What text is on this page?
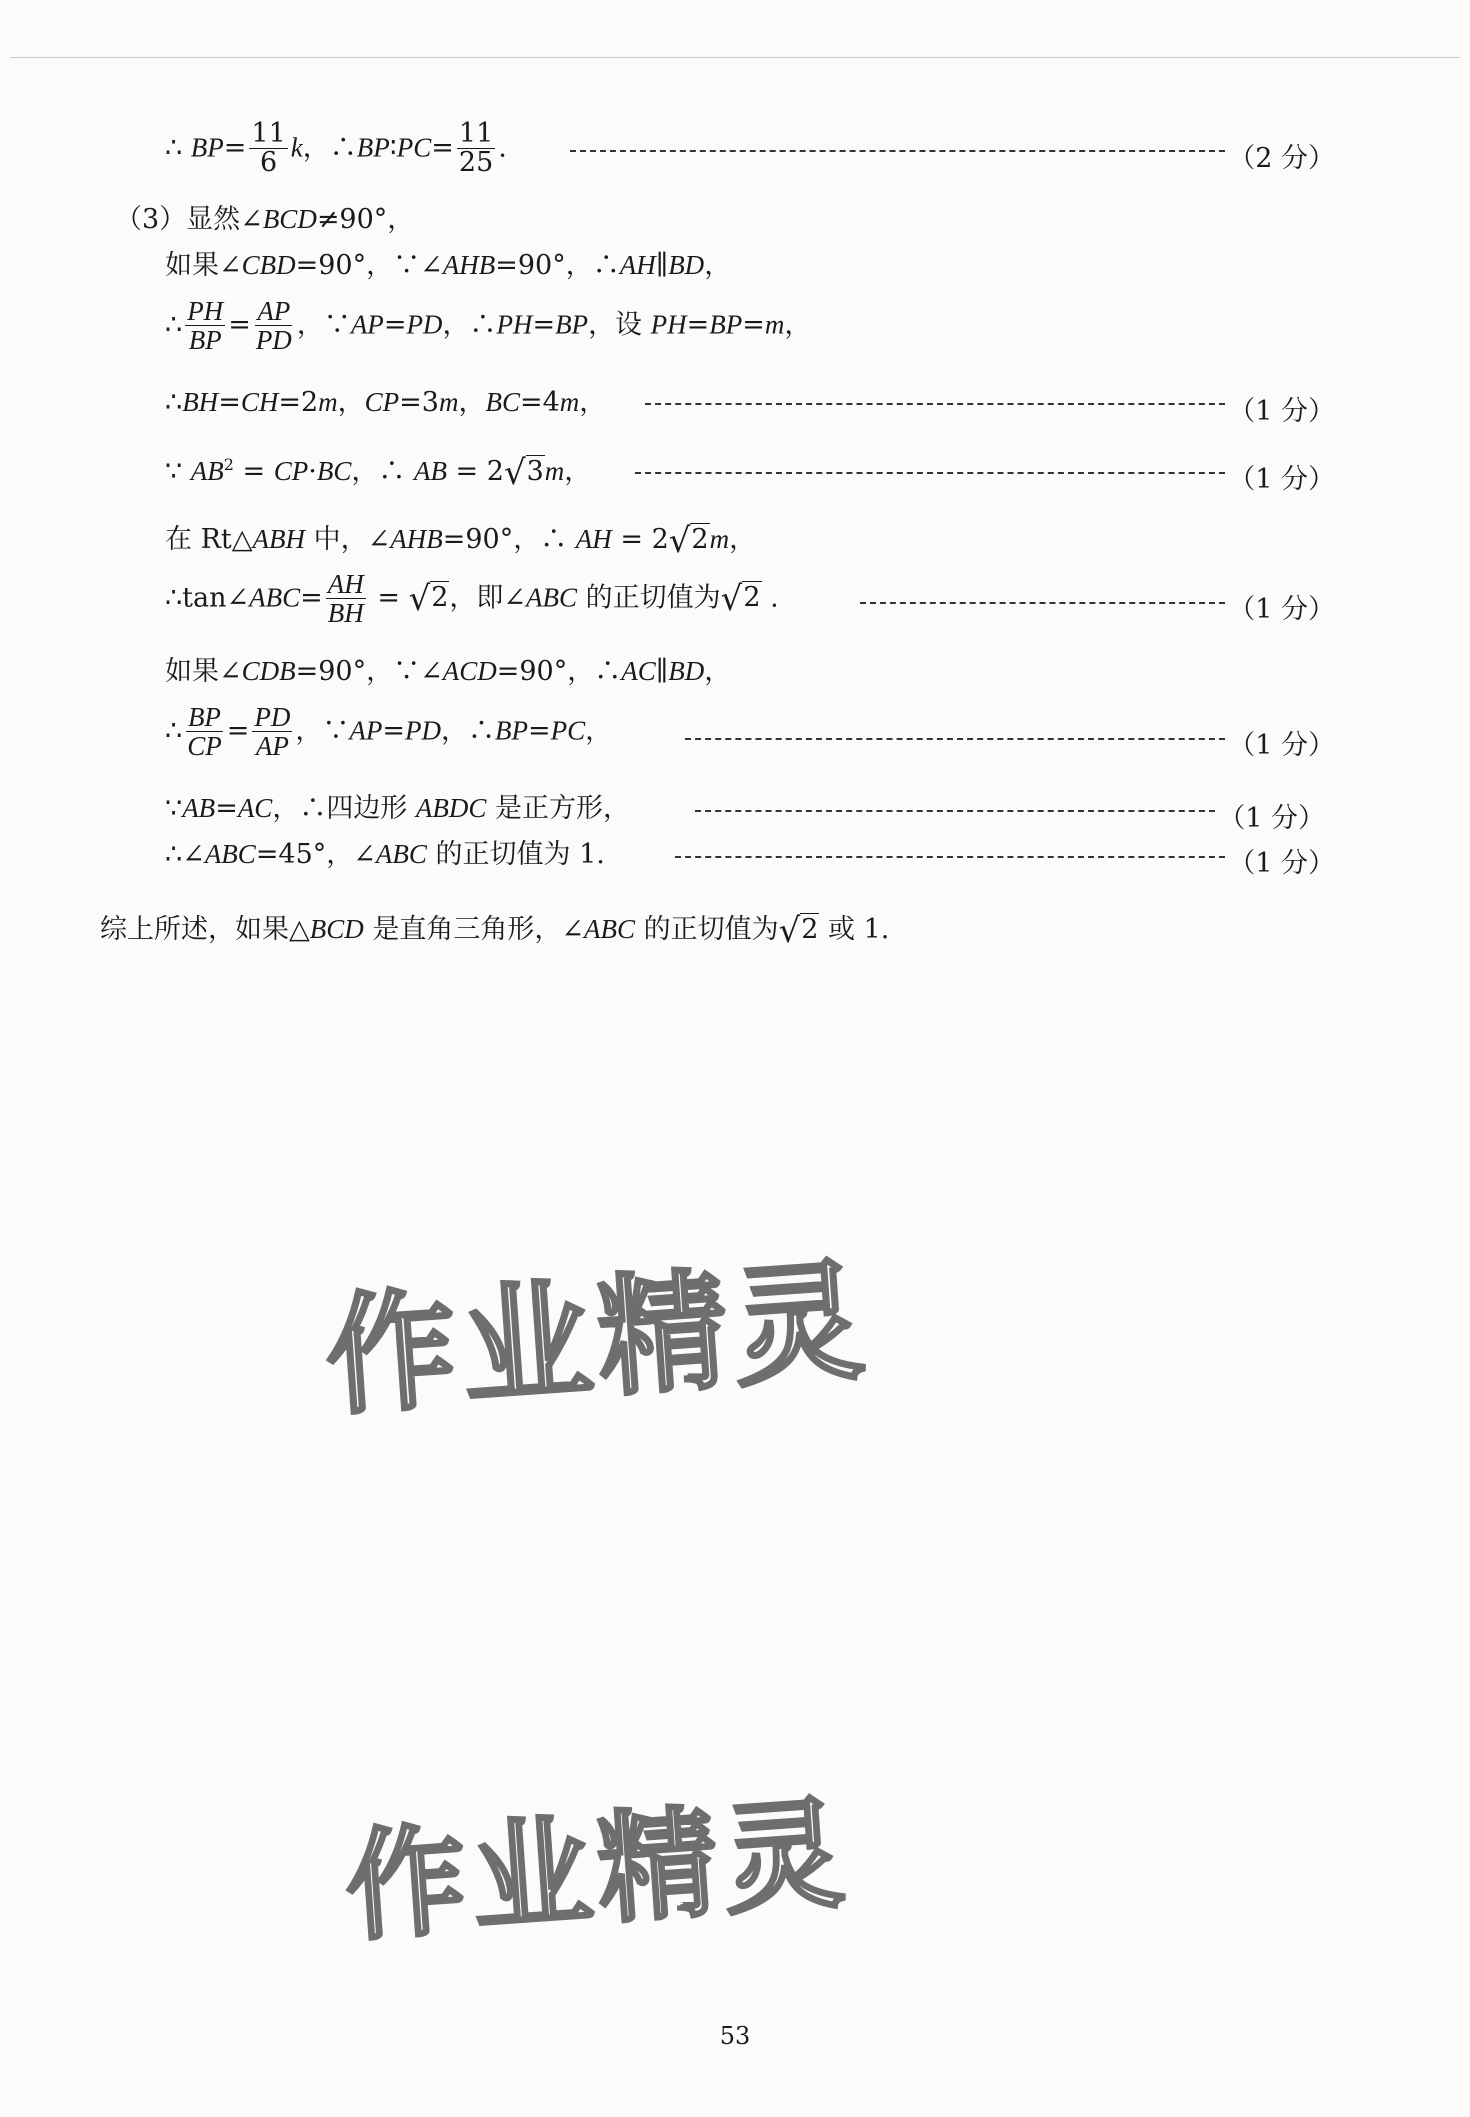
∴ $BP= \frac{11}{6}$ k，∴BP∶PC= $\frac{11}{25}$ .	（2 分）
（3）显然∠BCD≠90°，
如果∠CBD=90°，∵∠AHB=90°，∴AH∥BD，
∴ $\frac{PH}{BP} = \frac{AP}{PD}$ ，∵AP=PD，∴PH=BP，设 PH=BP=m，
∴BH=CH=2m，CP=3m，BC=4m，	（1 分）
∵ $AB^2 = CP\cdot BC$，∴ AB = 2√3m，	（1 分）
在 Rt△ABH 中，∠AHB=90°，∴ AH = 2√2m，
∴tan∠ABC= $\frac{AH}{BH} = √2$，即∠ABC 的正切值为√2 .	（1 分）
如果∠CDB=90°，∵∠ACD=90°，∴AC∥BD，
∴ $\frac{BP}{CP} = \frac{PD}{AP}$ ，∵AP=PD，∴BP=PC，	（1 分）
∵AB=AC，∴四边形 ABDC 是正方形，	（1 分）
∴∠ABC=45°，∠ABC 的正切值为 1.	（1 分）
综上所述，如果△BCD 是直角三角形，∠ABC 的正切值为√2 或 1.
作业精灵
作业精灵
53
